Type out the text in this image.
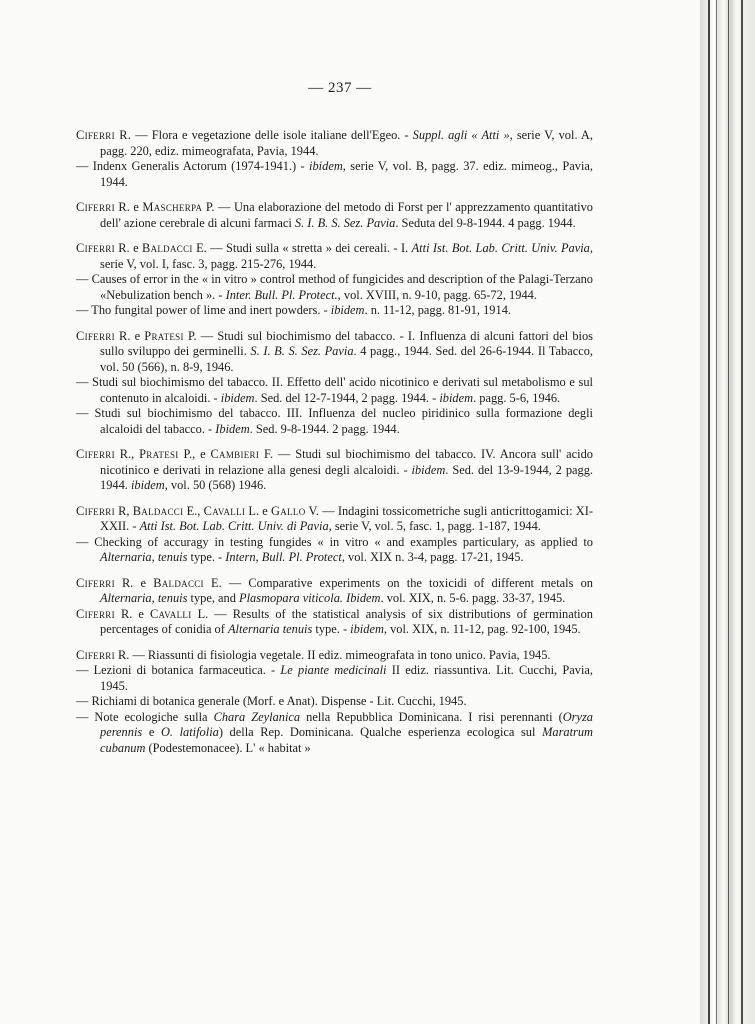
— 237 —
Ciferri R. — Flora e vegetazione delle isole italiane dell'Egeo. - Suppl. agli « Atti », serie V, vol. A, pagg. 220, ediz. mimeografata, Pavia, 1944.
— Indenx Generalis Actorum (1974-1941.) - ibidem, serie V, vol. B, pagg. 37. ediz. mimeog., Pavia, 1944.
Ciferri R. e Mascherpa P. — Una elaborazione del metodo di Forst per l' apprezzamento quantitativo dell' azione cerebrale di alcuni farmaci S. I. B. S. Sez. Pavia. Seduta del 9-8-1944. 4 pagg. 1944.
Ciferri R. e Baldacci E. — Studi sulla « stretta » dei cereali. - I. Atti Ist. Bot. Lab. Critt. Univ. Pavia, serie V, vol. I, fasc. 3, pagg. 215-276, 1944.
— Causes of error in the « in vitro » control method of fungicides and description of the Palagi-Terzano «Nebulization bench ». - Inter. Bull. Pl. Protect., vol. XVIII, n. 9-10, pagg. 65-72, 1944.
— Tho fungital power of lime and inert powders. - ibidem. n. 11-12, pagg. 81-91, 1914.
Ciferri R. e Pratesi P. — Studi sul biochimismo del tabacco. - I. Influenza di alcuni fattori del bios sullo sviluppo dei germinelli. S. I. B. S. Sez. Pavia. 4 pagg., 1944. Sed. del 26-6-1944. Il Tabacco, vol. 50 (566), n. 8-9, 1946.
— Studi sul biochimismo del tabacco. II. Effetto dell' acido nicotinico e derivati sul metabolismo e sul contenuto in alcaloidi. - ibidem. Sed. del 12-7-1944, 2 pagg. 1944. - ibidem. pagg. 5-6, 1946.
— Studi sul biochimismo del tabacco. III. Influenza del nucleo piridinico sulla formazione degli alcaloidi del tabacco. - Ibidem. Sed. 9-8-1944. 2 pagg. 1944.
Ciferri R., Pratesi P., e Cambieri F. — Studi sul biochimismo del tabacco. IV. Ancora sull' acido nicotinico e derivati in relazione alla genesi degli alcaloidi. - ibidem. Sed. del 13-9-1944, 2 pagg. 1944. ibidem, vol. 50 (568) 1946.
Ciferri R, Baldacci E., Cavalli L. e Gallo V. — Indagini tossicometriche sugli anticrittogamici: XI-XXII. - Atti Ist. Bot. Lab. Critt. Univ. di Pavia, serie V, vol. 5, fasc. 1, pagg. 1-187, 1944.
— Checking of accuragy in testing fungides « in vitro « and examples particulary, as applied to Alternaria, tenuis type. - Intern, Bull. Pl. Protect, vol. XIX n. 3-4, pagg. 17-21, 1945.
Ciferri R. e Baldacci E. — Comparative experiments on the toxicidi of different metals on Alternaria, tenuis type, and Plasmopara viticola. Ibidem. vol. XIX, n. 5-6. pagg. 33-37, 1945.
Ciferri R. e Cavalli L. — Results of the statistical analysis of six distributions of germination percentages of conidia of Alternaria tenuis type. - ibidem, vol. XIX, n. 11-12, pag. 92-100, 1945.
Ciferri R. — Riassunti di fisiologia vegetale. II ediz. mimeografata in tono unico. Pavia, 1945.
— Lezioni di botanica farmaceutica. - Le piante medicinali II ediz. riassuntiva. Lit. Cucchi, Pavia, 1945.
— Richiami di botanica generale (Morf. e Anat). Dispense - Lit. Cucchi, 1945.
— Note ecologiche sulla Chara Zeylanica nella Repubblica Dominicana. I risi perennanti (Oryza perennis e O. latifolia) della Rep. Dominicana. Qualche esperienza ecologica sul Maratrum cubanum (Podestemonacee). L' « habitat »
